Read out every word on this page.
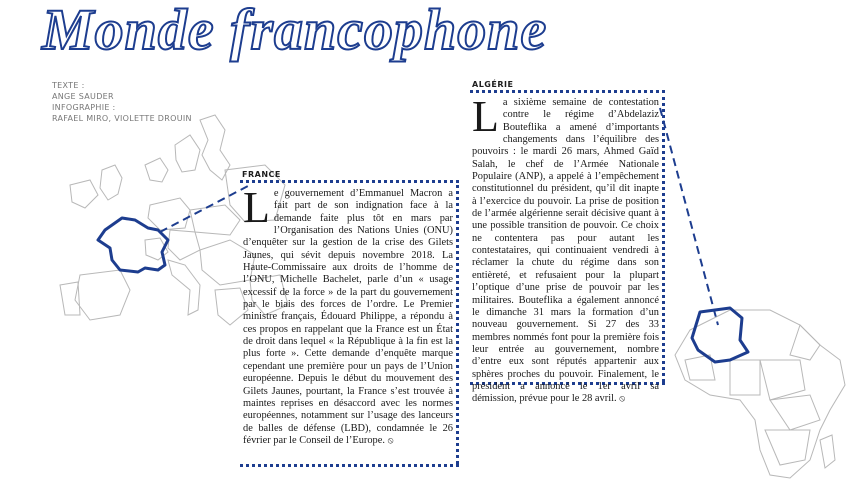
Monde francophone
TEXTE :
ANGE SAUDER
INFOGRAPHIE :
RAFAEL MIRO, VIOLETTE DROUIN
FRANCE
Le gouvernement d’Emmanuel Macron a fait part de son indignation face à la demande faite plus tôt en mars par l’Organisation des Nations Unies (ONU) d’enquêter sur la gestion de la crise des Gilets Jaunes, qui sévit depuis novembre 2018. La Haute-Commissaire aux droits de l’homme de l’ONU, Michelle Bachelet, parle d’un « usage excessif de la force » de la part du gouvernement par le biais des forces de l’ordre. Le Premier ministre français, Édouard Philippe, a répondu à ces propos en rappelant que la France est un État de droit dans lequel « la République à la fin est la plus forte ». Cette demande d’enquête marque cependant une première pour un pays de l’Union européenne. Depuis le début du mouvement des Gilets Jaunes, pourtant, la France s’est trouvée à maintes reprises en désaccord avec les normes européennes, notamment sur l’usage des lanceurs de balles de défense (LBD), condamnée le 26 février par le Conseil de l’Europe. ⦸
ALGÉRIE
La sixième semaine de contestation contre le régime d’Abdelaziz Bouteflika a amené d’importants changements dans l’équilibre des pouvoirs : le mardi 26 mars, Ahmed Gaïd Salah, le chef de l’Armée Nationale Populaire (ANP), a appelé à l’empêchement constitutionnel du président, qu’il dit inapte à l’exercice du pouvoir. La prise de position de l’armée algérienne serait décisive quant à une possible transition de pouvoir. Ce choix ne contentera pas pour autant les contestataires, qui continuaient vendredi à réclamer la chute du régime dans son entièreté, et refusaient pour la plupart l’optique d’une prise de pouvoir par les militaires. Bouteflika a également annoncé le dimanche 31 mars la formation d’un nouveau gouvernement. Si 27 des 33 membres nommés font pour la première fois leur entrée au gouvernement, nombre d’entre eux sont réputés appartenir aux sphères proches du pouvoir. Finalement, le président a annoncé le 1er avril sa démission, prévue pour le 28 avril. ⦸
